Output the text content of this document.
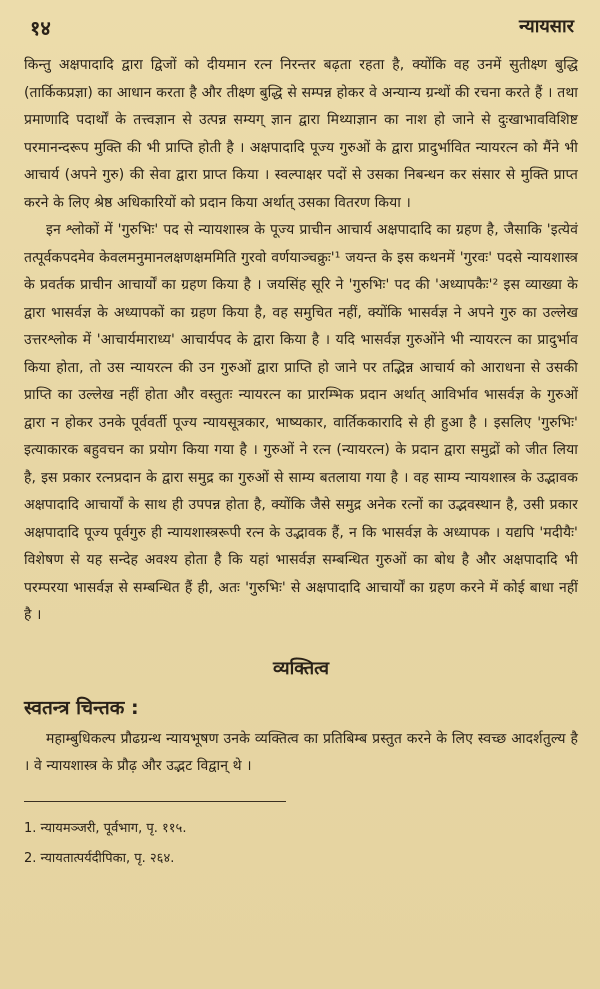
१४	न्यायसार

किन्तु अक्षपादादि द्वारा द्विजों को दीयमान रत्न निरन्तर बढ़ता रहता है, क्योंकि वह उनमें सुतीक्ष्ण बुद्धि (तार्किकप्रज्ञा) का आधान करता है और तीक्ष्ण बुद्धि से सम्पन्न होकर वे अन्यान्य ग्रन्थों की रचना करते हैं । तथा प्रमाणादि पदार्थों के तत्त्वज्ञान से उत्पन्न सम्यग् ज्ञान द्वारा मिथ्याज्ञान का नाश हो जाने से दुःखाभावविशिष्ट परमानन्दरूप मुक्ति की भी प्राप्ति होती है । अक्षपादादि पूज्य गुरुओं के द्वारा प्रादुर्भावित न्यायरत्न को मैंने भी आचार्य (अपने गुरु) की सेवा द्वारा प्राप्त किया । स्वल्पाक्षर पदों से उसका निबन्धन कर संसार से मुक्ति प्राप्त करने के लिए श्रेष्ठ अधिकारियों को प्रदान किया अर्थात् उसका वितरण किया ।

इन श्लोकों में 'गुरुभिः' पद से न्यायशास्त्र के पूज्य प्राचीन आचार्य अक्षपादादि का ग्रहण है, जैसाकि 'इत्येवं तत्पूर्वकपदमेव केवलमनुमानलक्षणक्षममिति गुरवो वर्णयाञ्चक्रुः'¹ जयन्त के इस कथनमें 'गुरवः' पदसे न्यायशास्त्र के प्रवर्तक प्राचीन आचार्यों का ग्रहण किया है । जयसिंह सूरि ने 'गुरुभिः' पद की 'अध्यापकैः'² इस व्याख्या के द्वारा भासर्वज्ञ के अध्यापकों का ग्रहण किया है, वह समुचित नहीं, क्योंकि भासर्वज्ञ ने अपने गुरु का उल्लेख उत्तरश्लोक में 'आचार्यमाराध्य' आचार्यपद के द्वारा किया है । यदि भासर्वज्ञ गुरुओंने भी न्यायरत्न का प्रादुर्भाव किया होता, तो उस न्यायरत्न की उन गुरुओं द्वारा प्राप्ति हो जाने पर तद्भिन्न आचार्य को आराधना से उसकी प्राप्ति का उल्लेख नहीं होता और वस्तुतः न्यायरत्न का प्रारम्भिक प्रदान अर्थात् आविर्भाव भासर्वज्ञ के गुरुओं द्वारा न होकर उनके पूर्ववर्ती पूज्य न्यायसूत्रकार, भाष्यकार, वार्तिककारादि से ही हुआ है । इसलिए 'गुरुभिः' इत्याकारक बहुवचन का प्रयोग किया गया है । गुरुओं ने रत्न (न्यायरत्न) के प्रदान द्वारा समुद्रों को जीत लिया है, इस प्रकार रत्नप्रदान के द्वारा समुद्र का गुरुओं से साम्य बतलाया गया है । वह साम्य न्यायशास्त्र के उद्भावक अक्षपादादि आचार्यों के साथ ही उपपन्न होता है, क्योंकि जैसे समुद्र अनेक रत्नों का उद्भवस्थान है, उसी प्रकार अक्षपादादि पूज्य पूर्वगुरु ही न्यायशास्त्ररूपी रत्न के उद्भावक हैं, न कि भासर्वज्ञ के अध्यापक । यद्यपि 'मदीयैः' विशेषण से यह सन्देह अवश्य होता है कि यहां भासर्वज्ञ सम्बन्धित गुरुओं का बोध है और अक्षपादादि भी परम्परया भासर्वज्ञ से सम्बन्धित हैं ही, अतः 'गुरुभिः' से अक्षपादादि आचार्यों का ग्रहण करने में कोई बाधा नहीं है ।

व्यक्तित्व
स्वतन्त्र चिन्तक :

महाम्बुधिकल्प प्रौढग्रन्थ न्यायभूषण उनके व्यक्तित्व का प्रतिबिम्ब प्रस्तुत करने के लिए स्वच्छ आदर्शतुल्य है । वे न्यायशास्त्र के प्रौढ़ और उद्भट विद्वान् थे ।

1. न्यायमञ्जरी, पूर्वभाग, पृ. ११५.

2. न्यायतात्पर्यदीपिका, पृ. २६४.
